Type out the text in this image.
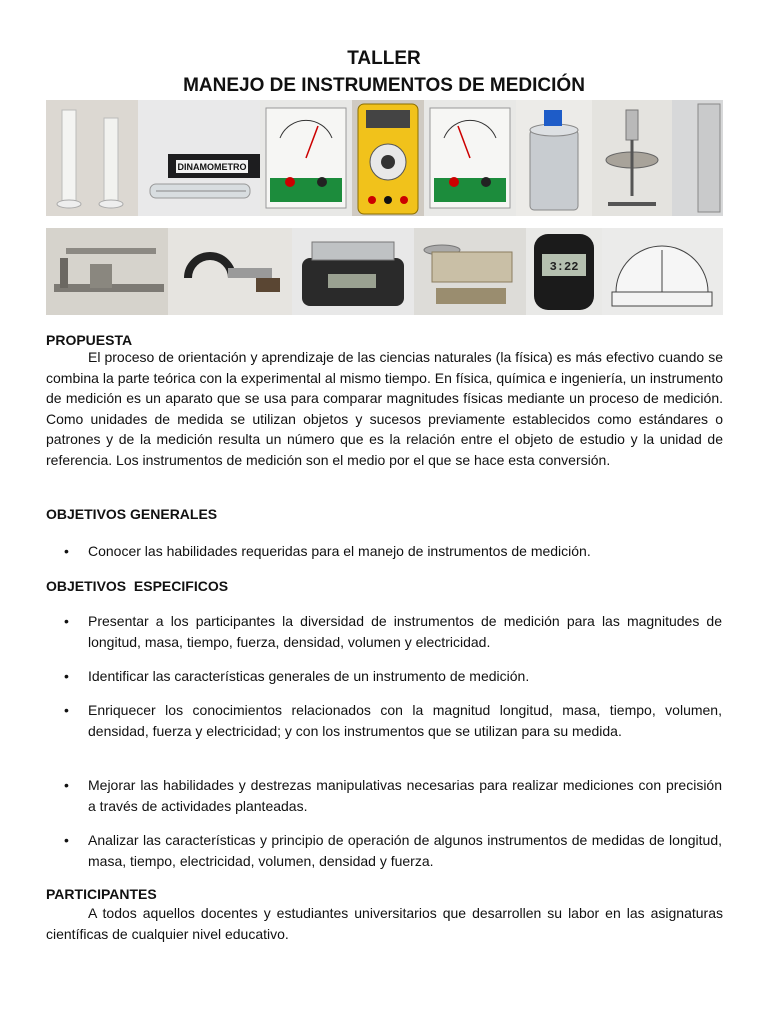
TALLER
MANEJO DE INSTRUMENTOS DE MEDICIÓN
DINAMOMETRO
3:22
PROPUESTA
El proceso de orientación y aprendizaje de las ciencias naturales (la física) es más efectivo cuando se combina la parte teórica con la experimental al mismo tiempo. En física, química e ingeniería, un instrumento de medición es un aparato que se usa para comparar magnitudes físicas mediante un proceso de medición. Como unidades de medida se utilizan objetos y sucesos previamente establecidos como estándares o patrones y de la medición resulta un número que es la relación entre el objeto de estudio y la unidad de referencia. Los instrumentos de medición son el medio por el que se hace esta conversión.
OBJETIVOS GENERALES
• Conocer las habilidades requeridas para el manejo de instrumentos de medición.
OBJETIVOS  ESPECIFICOS
• Presentar a los participantes la diversidad de instrumentos de medición para las magnitudes de longitud, masa, tiempo, fuerza, densidad, volumen y electricidad.
• Identificar las características generales de un instrumento de medición.
• Enriquecer los conocimientos relacionados con la magnitud longitud, masa, tiempo, volumen, densidad, fuerza y electricidad; y con los instrumentos que se utilizan para su medida.
• Mejorar las habilidades y destrezas manipulativas necesarias para realizar mediciones con precisión a través de actividades planteadas.
• Analizar las características y principio de operación de algunos instrumentos de medidas de longitud, masa, tiempo, electricidad, volumen, densidad y fuerza.
PARTICIPANTES
A todos aquellos docentes y estudiantes universitarios que desarrollen su labor en las asignaturas científicas de cualquier nivel educativo.
